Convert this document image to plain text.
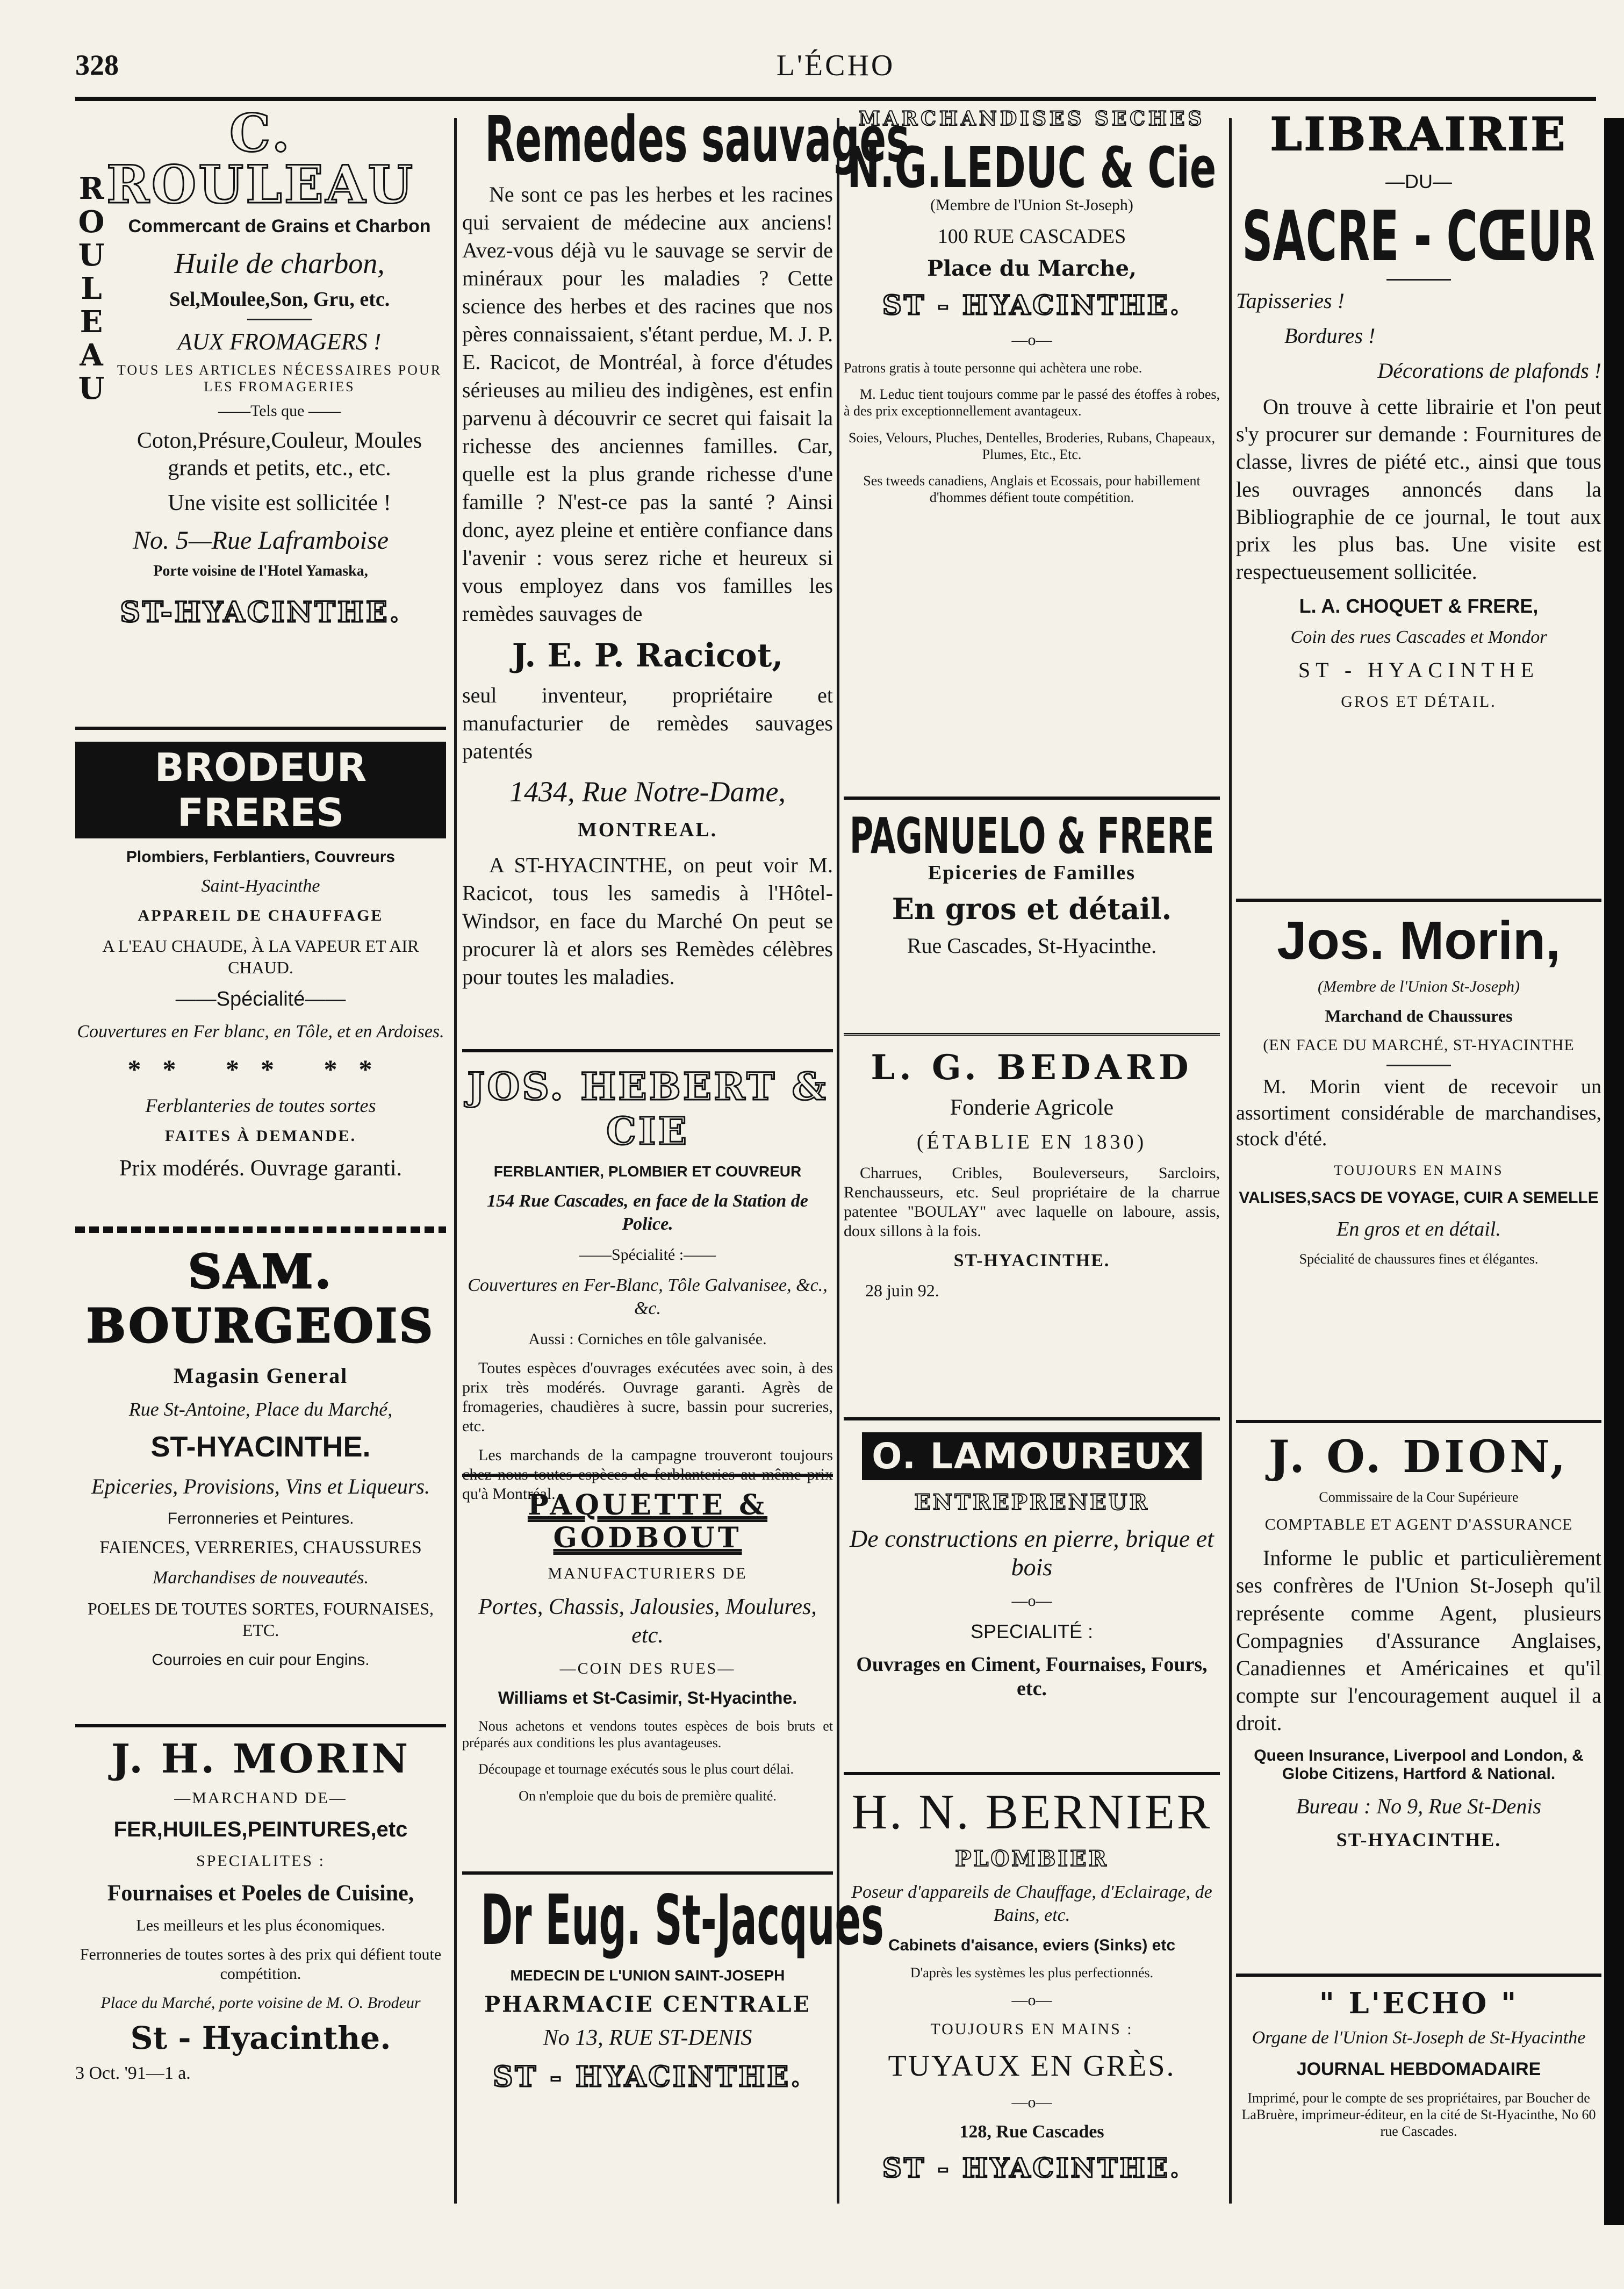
328	L'ÉCHO
C. ROULEAU
ROULEAU
Commercant de Grains et Charbon
Huile de charbon,
Sel,Moulee,Son, Gru, etc.
AUX FROMAGERS !
TOUS LES ARTICLES NÉCESSAIRES POUR LES FROMAGERIES
——Tels que ——
Coton,Présure,Couleur, Moules grands et petits, etc., etc.
Une visite est sollicitée !
No. 5—Rue Laframboise
Porte voisine de l'Hotel Yamaska,
ST-HYACINTHE.
BRODEUR FRERES
Plombiers, Ferblantiers, Couvreurs
Saint-Hyacinthe
APPAREIL DE CHAUFFAGE
A L'EAU CHAUDE, À LA VAPEUR ET AIR CHAUD.
——Spécialité——
Couvertures en Fer blanc, en Tôle, et en Ardoises.
** ** **
Ferblanteries de toutes sortes
FAITES À DEMANDE.
Prix modérés. Ouvrage garanti.
SAM. BOURGEOIS
Magasin General
Rue St-Antoine, Place du Marché,
ST-HYACINTHE.
Epiceries, Provisions, Vins et Liqueurs.
Ferronneries et Peintures.
FAIENCES, VERRERIES, CHAUSSURES
Marchandises de nouveautés.
POELES DE TOUTES SORTES, FOURNAISES, ETC.
Courroies en cuir pour Engins.
J. H. MORIN
—MARCHAND DE—
FER,HUILES,PEINTURES,etc
SPECIALITES :
Fournaises et Poeles de Cuisine,
Les meilleurs et les plus économiques.
Ferronneries de toutes sortes à des prix qui défient toute compétition.
Place du Marché, porte voisine de M. O. Brodeur
St - Hyacinthe.
3 Oct. '91—1 a.
Remedes sauvages
Ne sont ce pas les herbes et les racines qui servaient de médecine aux anciens! Avez-vous déjà vu le sauvage se servir de minéraux pour les maladies ? Cette science des herbes et des racines que nos pères connaissaient, s'étant perdue, M. J. P. E. Racicot, de Montréal, à force d'études sérieuses au milieu des indigènes, est enfin parvenu à découvrir ce secret qui faisait la richesse des anciennes familles. Car, quelle est la plus grande richesse d'une famille ? N'est-ce pas la santé ? Ainsi donc, ayez pleine et entière confiance dans l'avenir : vous serez riche et heureux si vous employez dans vos familles les remèdes sauvages de
J. E. P. Racicot,
seul inventeur, propriétaire et manufacturier de remèdes sauvages patentés
1434, Rue Notre-Dame,
MONTREAL.
A ST-HYACINTHE, on peut voir M. Racicot, tous les samedis à l'Hôtel-Windsor, en face du Marché On peut se procurer là et alors ses Remèdes célèbres pour toutes les maladies.
JOS. HEBERT & CIE
FERBLANTIER, PLOMBIER ET COUVREUR
154 Rue Cascades, en face de la Station de Police.
——Spécialité :——
Couvertures en Fer-Blanc, Tôle Galvanisee, &c., &c.
Aussi : Corniches en tôle galvanisée.
Toutes espèces d'ouvrages exécutées avec soin, à des prix très modérés. Ouvrage garanti. Agrès de fromageries, chaudières à sucre, bassin pour sucreries, etc.
Les marchands de la campagne trouveront toujours chez nous toutes espèces de ferblanteries au même prix qu'à Montréal.
PAQUETTE & GODBOUT
MANUFACTURIERS DE
Portes, Chassis, Jalousies, Moulures, etc.
—COIN DES RUES—
Williams et St-Casimir, St-Hyacinthe.
Nous achetons et vendons toutes espèces de bois bruts et préparés aux conditions les plus avantageuses.
Découpage et tournage exécutés sous le plus court délai.
On n'emploie que du bois de première qualité.
Dr Eug. St-Jacques
MEDECIN DE L'UNION SAINT-JOSEPH
PHARMACIE CENTRALE
No 13, RUE ST-DENIS
ST - HYACINTHE.
MARCHANDISES SECHES
N.G.LEDUC & Cie
(Membre de l'Union St-Joseph)
100 RUE CASCADES
Place du Marche,
ST - HYACINTHE.
—o—
Patrons gratis à toute personne qui achètera une robe.
M. Leduc tient toujours comme par le passé des étoffes à robes, à des prix exceptionnellement avantageux.
Soies, Velours, Pluches, Dentelles, Broderies, Rubans, Chapeaux, Plumes, Etc., Etc.
Ses tweeds canadiens, Anglais et Ecossais, pour habillement d'hommes défient toute compétition.
PAGNUELO & FRERE
Epiceries de Familles
En gros et détail.
Rue Cascades, St-Hyacinthe.
L. G. BEDARD
Fonderie Agricole
(ÉTABLIE EN 1830)
Charrues, Cribles, Bouleverseurs, Sarcloirs, Renchausseurs, etc. Seul propriétaire de la charrue patentee "BOULAY" avec laquelle on laboure, assis, doux sillons à la fois.
ST-HYACINTHE.
28 juin 92.
O. LAMOUREUX
ENTREPRENEUR
De constructions en pierre, brique et bois
—o—
SPECIALITÉ :
Ouvrages en Ciment, Fournaises, Fours, etc.
H. N. BERNIER
PLOMBIER
Poseur d'appareils de Chauffage, d'Eclairage, de Bains, etc.
Cabinets d'aisance, eviers (Sinks) etc
D'après les systèmes les plus perfectionnés.
—o—
TOUJOURS EN MAINS :
TUYAUX EN GRÈS.
—o—
128, Rue Cascades
ST - HYACINTHE.
LIBRAIRIE
—DU—
SACRE - CŒUR
Tapisseries !
Bordures !
Décorations de plafonds !
On trouve à cette librairie et l'on peut s'y procurer sur demande : Fournitures de classe, livres de piété etc., ainsi que tous les ouvrages annoncés dans la Bibliographie de ce journal, le tout aux prix les plus bas. Une visite est respectueusement sollicitée.
L. A. CHOQUET & FRERE,
Coin des rues Cascades et Mondor
ST - HYACINTHE
GROS ET DÉTAIL.
Jos. Morin,
(Membre de l'Union St-Joseph)
Marchand de Chaussures
(EN FACE DU MARCHÉ, ST-HYACINTHE
M. Morin vient de recevoir un assortiment considérable de marchandises, stock d'été.
TOUJOURS EN MAINS
VALISES,SACS DE VOYAGE, CUIR A SEMELLE
En gros et en détail.
Spécialité de chaussures fines et élégantes.
J. O. DION,
Commissaire de la Cour Supérieure
COMPTABLE ET AGENT D'ASSURANCE
Informe le public et particulièrement ses confrères de l'Union St-Joseph qu'il représente comme Agent, plusieurs Compagnies d'Assurance Anglaises, Canadiennes et Américaines et qu'il compte sur l'encouragement auquel il a droit.
Queen Insurance, Liverpool and London, & Globe Citizens, Hartford & National.
Bureau : No 9, Rue St-Denis
ST-HYACINTHE.
" L'ECHO "
Organe de l'Union St-Joseph de St-Hyacinthe
JOURNAL HEBDOMADAIRE
Imprimé, pour le compte de ses propriétaires, par Boucher de LaBruère, imprimeur-éditeur, en la cité de St-Hyacinthe, No 60 rue Cascades.
